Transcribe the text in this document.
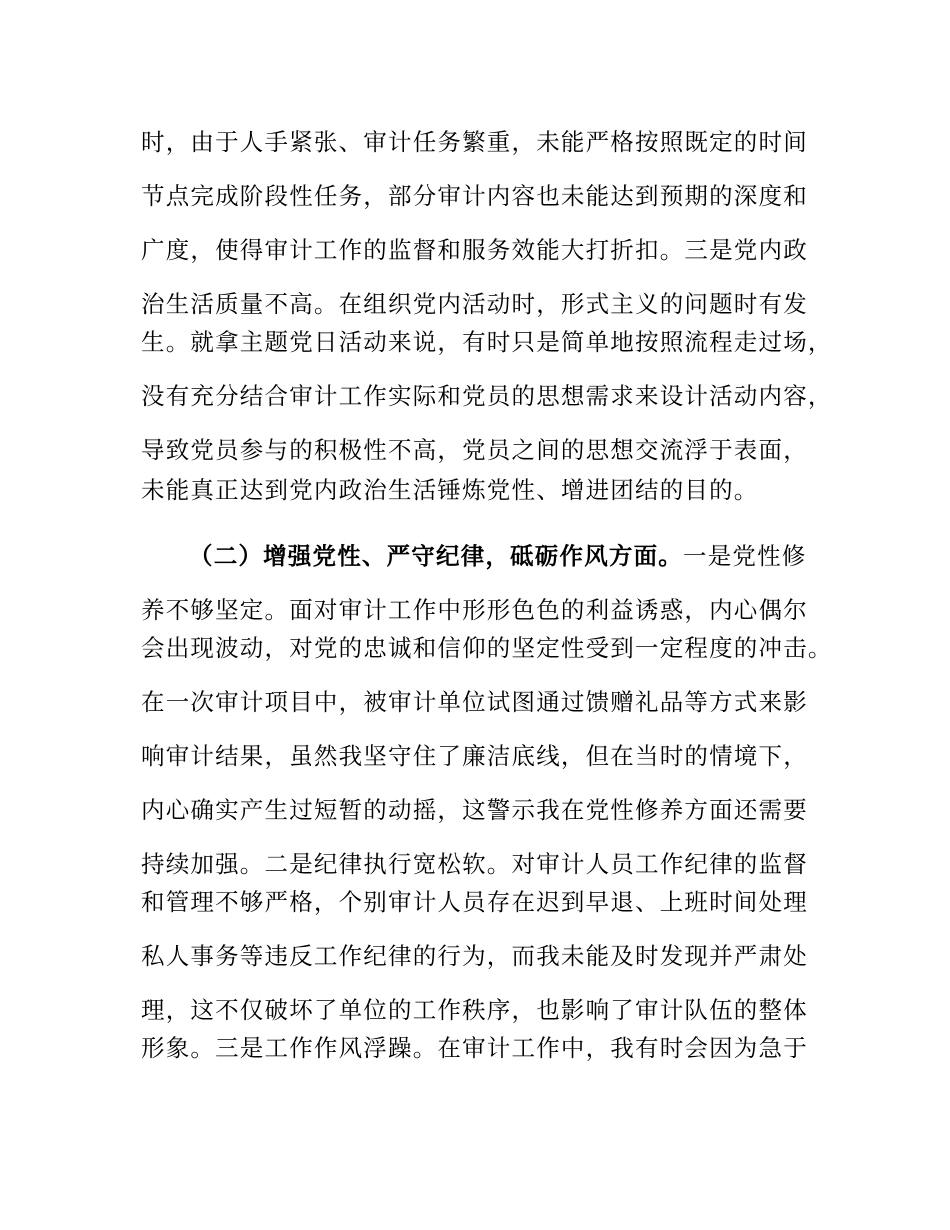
时，由于人手紧张、审计任务繁重，未能严格按照既定的时间
节点完成阶段性任务，部分审计内容也未能达到预期的深度和
广度，使得审计工作的监督和服务效能大打折扣。三是党内政
治生活质量不高。在组织党内活动时，形式主义的问题时有发
生。就拿主题党日活动来说，有时只是简单地按照流程走过场，
没有充分结合审计工作实际和党员的思想需求来设计活动内容，
导致党员参与的积极性不高，党员之间的思想交流浮于表面，
未能真正达到党内政治生活锤炼党性、增进团结的目的。
（二）增强党性、严守纪律，砥砺作风方面。一是党性修
养不够坚定。面对审计工作中形形色色的利益诱惑，内心偶尔
会出现波动，对党的忠诚和信仰的坚定性受到一定程度的冲击。
在一次审计项目中，被审计单位试图通过馈赠礼品等方式来影
响审计结果，虽然我坚守住了廉洁底线，但在当时的情境下，
内心确实产生过短暂的动摇，这警示我在党性修养方面还需要
持续加强。二是纪律执行宽松软。对审计人员工作纪律的监督
和管理不够严格，个别审计人员存在迟到早退、上班时间处理
私人事务等违反工作纪律的行为，而我未能及时发现并严肃处
理，这不仅破坏了单位的工作秩序，也影响了审计队伍的整体
形象。三是工作作风浮躁。在审计工作中，我有时会因为急于
